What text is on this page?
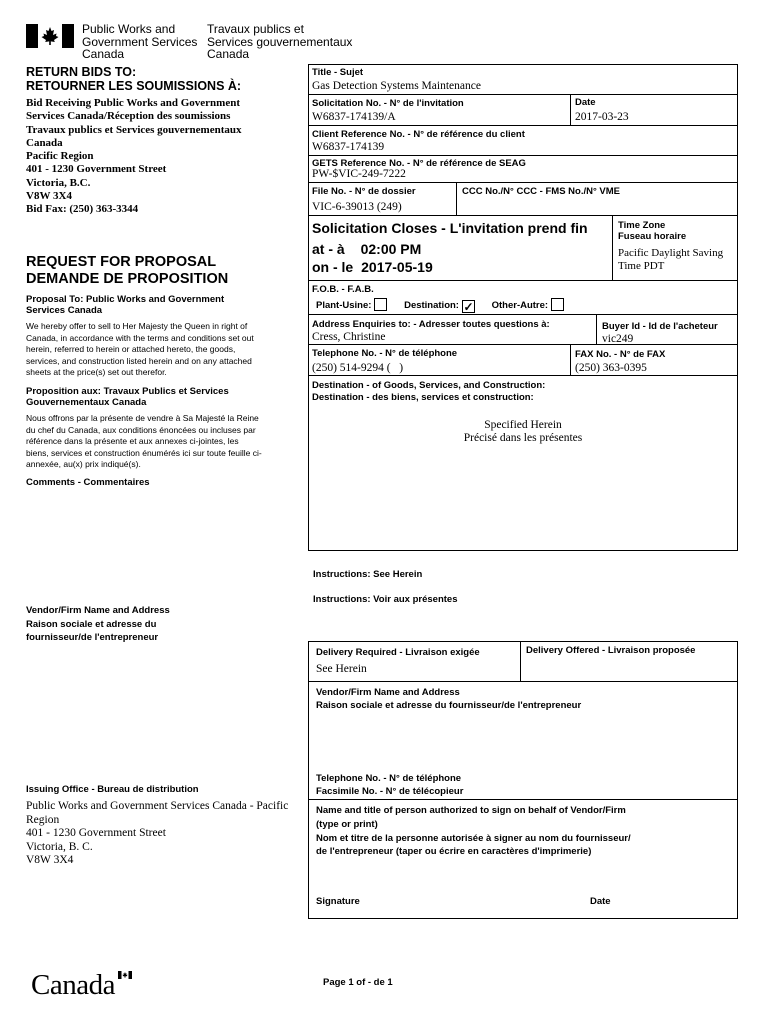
Public Works and
Government Services
Canada
Travaux publics et
Services gouvernementaux
Canada
RETURN BIDS TO:
RETOURNER LES SOUMISSIONS À:
Bid Receiving Public Works and Government
Services Canada/Réception des soumissions
Travaux publics et Services gouvernementaux
Canada
Pacific Region
401 - 1230 Government Street
Victoria, B.C.
V8W 3X4
Bid Fax: (250) 363-3344
REQUEST FOR PROPOSAL
DEMANDE DE PROPOSITION
Proposal To: Public Works and Government Services Canada
We hereby offer to sell to Her Majesty the Queen in right of Canada, in accordance with the terms and conditions set out herein, referred to herein or attached hereto, the goods, services, and construction listed herein and on any attached sheets at the price(s) set out therefor.
Proposition aux: Travaux Publics et Services Gouvernementaux Canada
Nous offrons par la présente de vendre à Sa Majesté la Reine du chef du Canada, aux conditions énoncées ou incluses par référence dans la présente et aux annexes ci-jointes, les biens, services et construction énumérés ici sur toute feuille ci-annexée, au(x) prix indiqué(s).
Comments - Commentaires
Vendor/Firm Name and Address
Raison sociale et adresse du
fournisseur/de l'entrepreneur
Issuing Office - Bureau de distribution
Public Works and Government Services Canada - Pacific
Region
401 - 1230 Government Street
Victoria, B. C.
V8W 3X4
Title - Sujet
Gas Detection Systems Maintenance
Solicitation No. - N° de l'invitation
W6837-174139/A
Date
2017-03-23
Client Reference No. - N° de référence du client
W6837-174139
GETS Reference No. - N° de référence de SEAG
PW-$VIC-249-7222
File No. - N° de dossier
VIC-6-39013 (249)
CCC No./N° CCC - FMS No./N° VME
Solicitation Closes - L'invitation prend fin
at - à 02:00 PM
on - le 2017-05-19
Time Zone
Fuseau horaire
Pacific Daylight Saving
Time PDT
F.O.B. - F.A.B.
Plant-Usine:	Destination: ✓ Other-Autre:
Address Enquiries to: - Adresser toutes questions à:
Cress, Christine
Buyer Id - Id de l'acheteur
vic249
Telephone No. - N° de téléphone
(250) 514-9294 (   )
FAX No. - N° de FAX
(250) 363-0395
Destination - of Goods, Services, and Construction:
Destination - des biens, services et construction:
Specified Herein
Précisé dans les présentes
Instructions: See Herein
Instructions: Voir aux présentes
Delivery Required - Livraison exigée
See Herein
Delivery Offered - Livraison proposée
Vendor/Firm Name and Address
Raison sociale et adresse du fournisseur/de l'entrepreneur
Telephone No. - N° de téléphone
Facsimile No. - N° de télécopieur
Name and title of person authorized to sign on behalf of Vendor/Firm
(type or print)
Nom et titre de la personne autorisée à signer au nom du fournisseur/
de l'entrepreneur (taper ou écrire en caractères d'imprimerie)
Signature	Date
Canada	Page 1 of - de 1
